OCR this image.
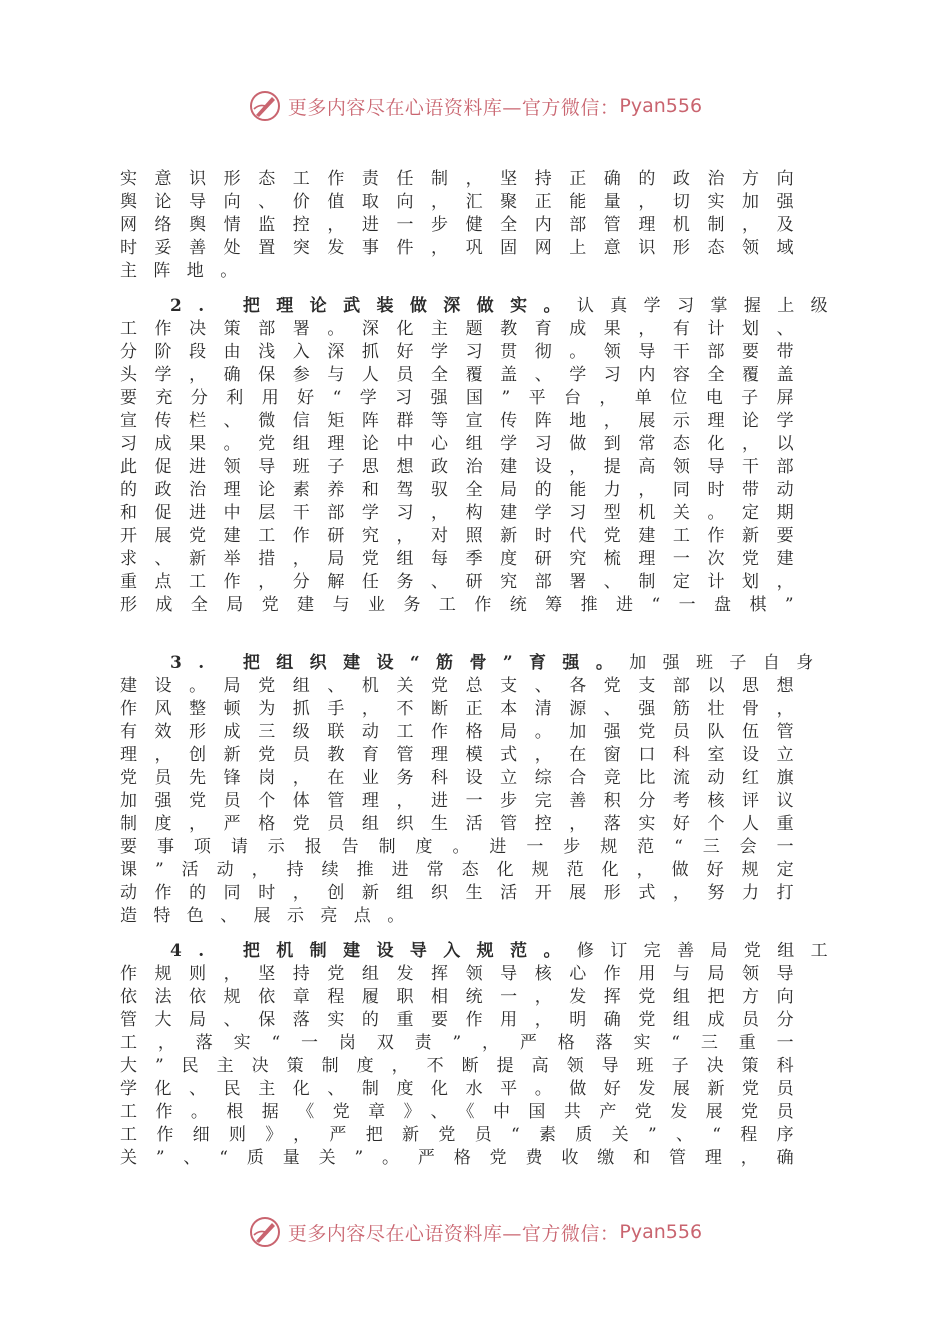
更多内容尽在心语资料库—官方微信： Pyan556
实意识形态工作责任制，坚持正确的政治方向
舆论导向、价值取向，汇聚正能量，切实加强
网络舆情监控，进一步健全内部管理机制，及
时妥善处置突发事件，巩固网上意识形态领域
主阵地。
2. 把理论武装做深做实。认真学习掌握上级
工作决策部署。深化主题教育成果，有计划、
分阶段由浅入深抓好学习贯彻。领导干部要带
头学，确保参与人员全覆盖、学习内容全覆盖
要充分利用好“学习强国”平台，单位电子屏
宣传栏、微信矩阵群等宣传阵地，展示理论学
习成果。党组理论中心组学习做到常态化，以
此促进领导班子思想政治建设，提高领导干部
的政治理论素养和驾驭全局的能力，同时带动
和促进中层干部学习，构建学习型机关。定期
开展党建工作研究，对照新时代党建工作新要
求、新举措，局党组每季度研究梳理一次党建
重点工作，分解任务、研究部署、制定计划，
形成全局党建与业务工作统筹推进“一盘棋”
3. 把组织建设“筋骨”育强。加强班子自身
建设。局党组、机关党总支、各党支部以思想
作风整顿为抓手，不断正本清源、强筋壮骨，
有效形成三级联动工作格局。加强党员队伍管
理，创新党员教育管理模式，在窗口科室设立
党员先锋岗，在业务科设立综合竞比流动红旗
加强党员个体管理，进一步完善积分考核评议
制度，严格党员组织生活管控，落实好个人重
要事项请示报告制度。进一步规范“三会一
课”活动，持续推进常态化规范化，做好规定
动作的同时，创新组织生活开展形式，努力打
造特色、展示亮点。
4. 把机制建设导入规范。修订完善局党组工
作规则，坚持党组发挥领导核心作用与局领导
依法依规依章程履职相统一，发挥党组把方向
管大局、保落实的重要作用，明确党组成员分
工，落实“一岗双责”，严格落实“三重一
大”民主决策制度，不断提高领导班子决策科
学化、民主化、制度化水平。做好发展新党员
工作。根据《党章》、《中国共产党发展党员
工作细则》，严把新党员“素质关”、“程序
关”、“质量关”。严格党费收缴和管理，确
更多内容尽在心语资料库—官方微信： Pyan556
